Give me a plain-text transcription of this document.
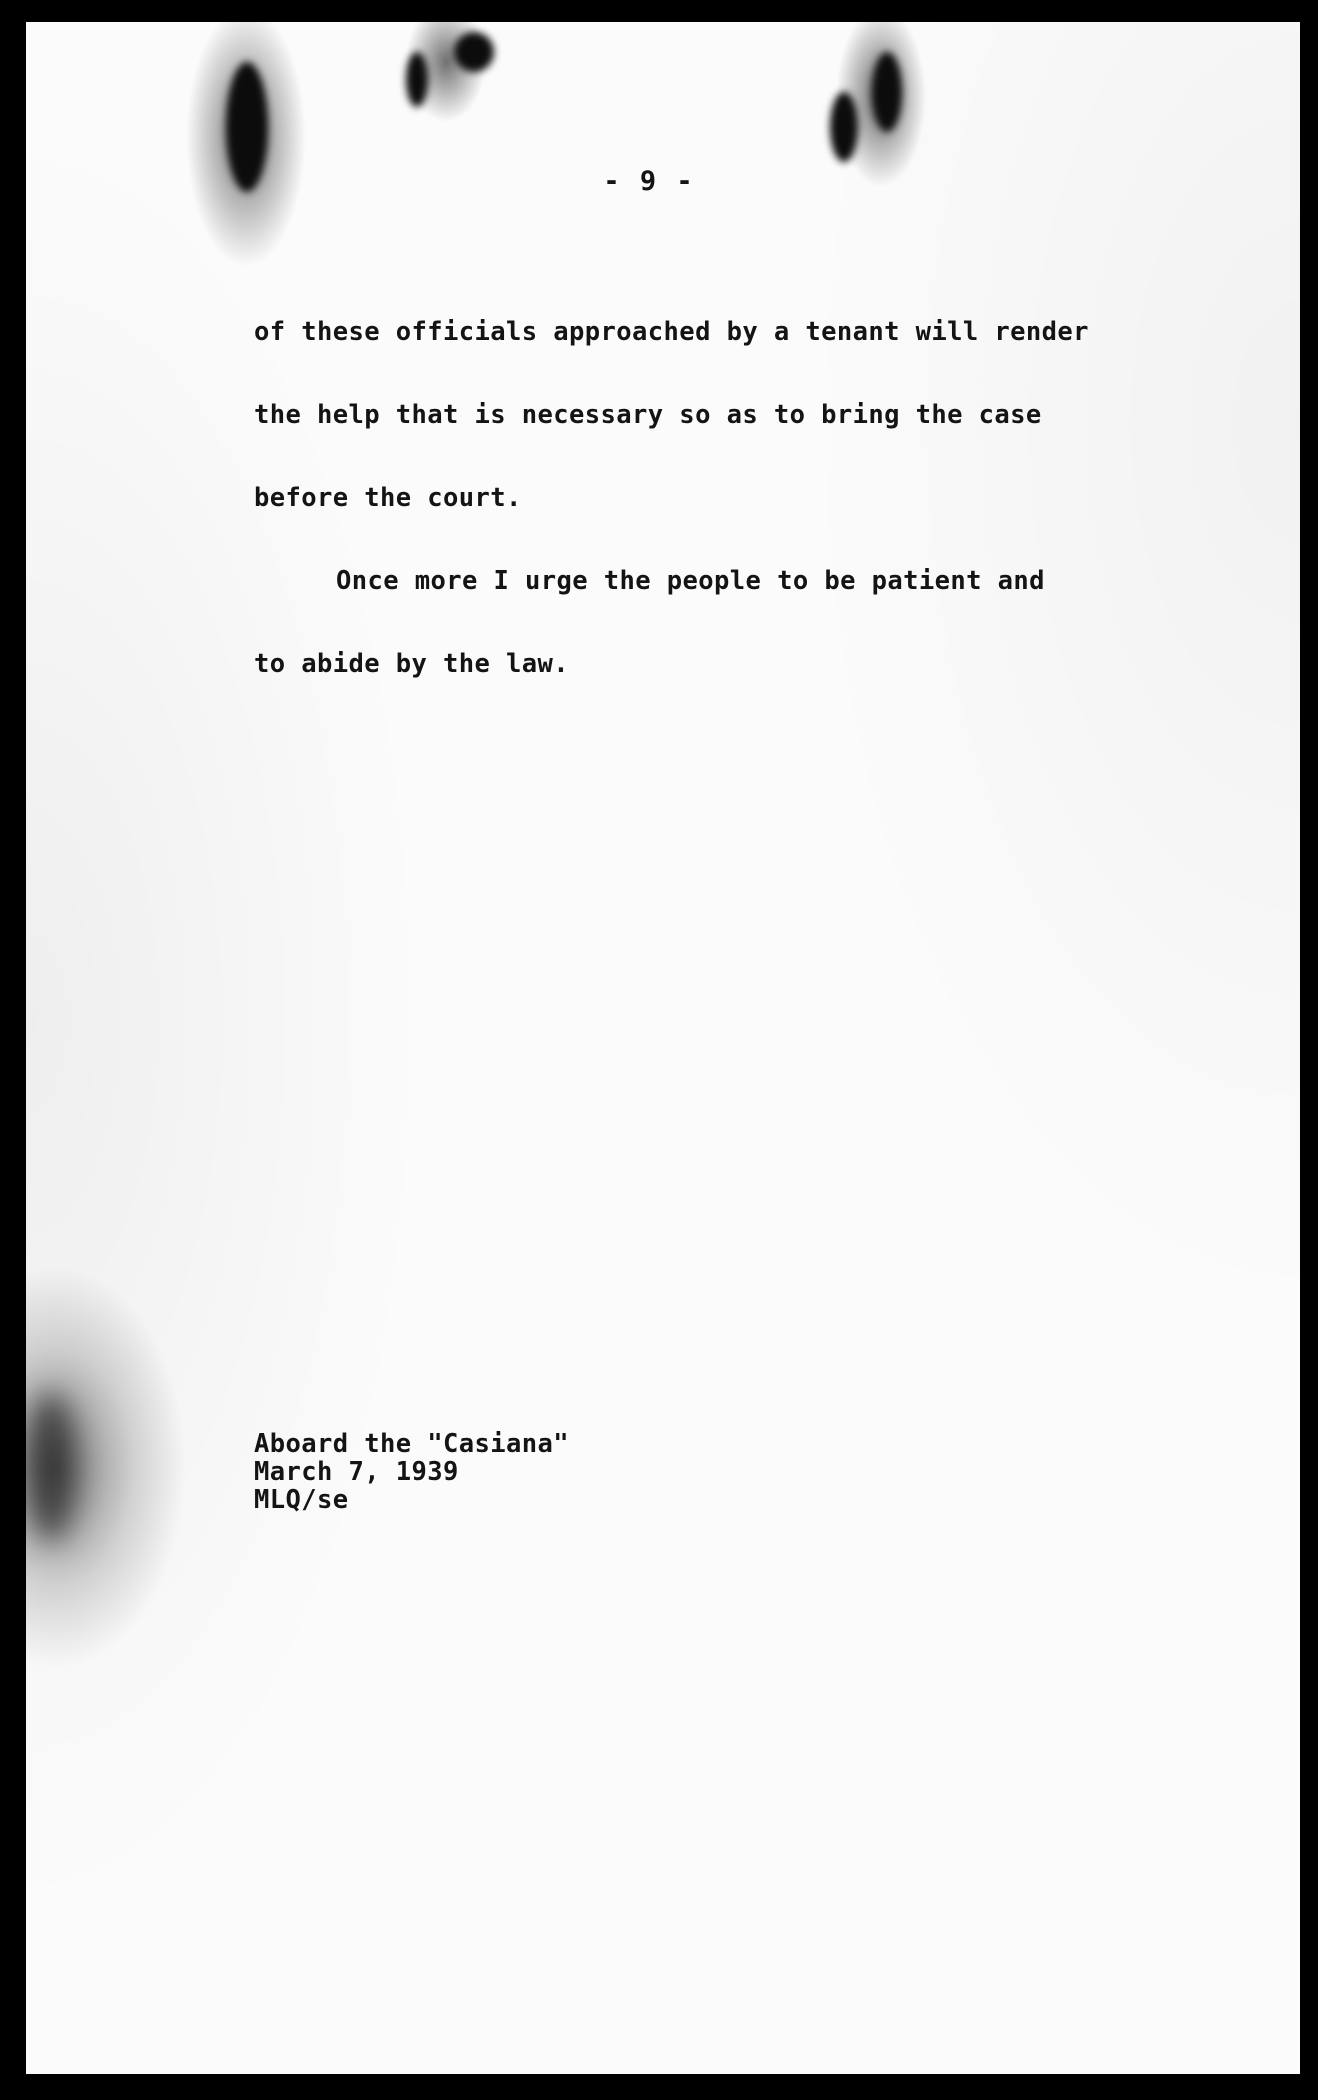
- 9 -
of these officials approached by a tenant will render
the help that is necessary so as to bring the case
before the court.
Once more I urge the people to be patient and
to abide by the law.
Aboard the "Casiana"
March 7, 1939
MLQ/se
